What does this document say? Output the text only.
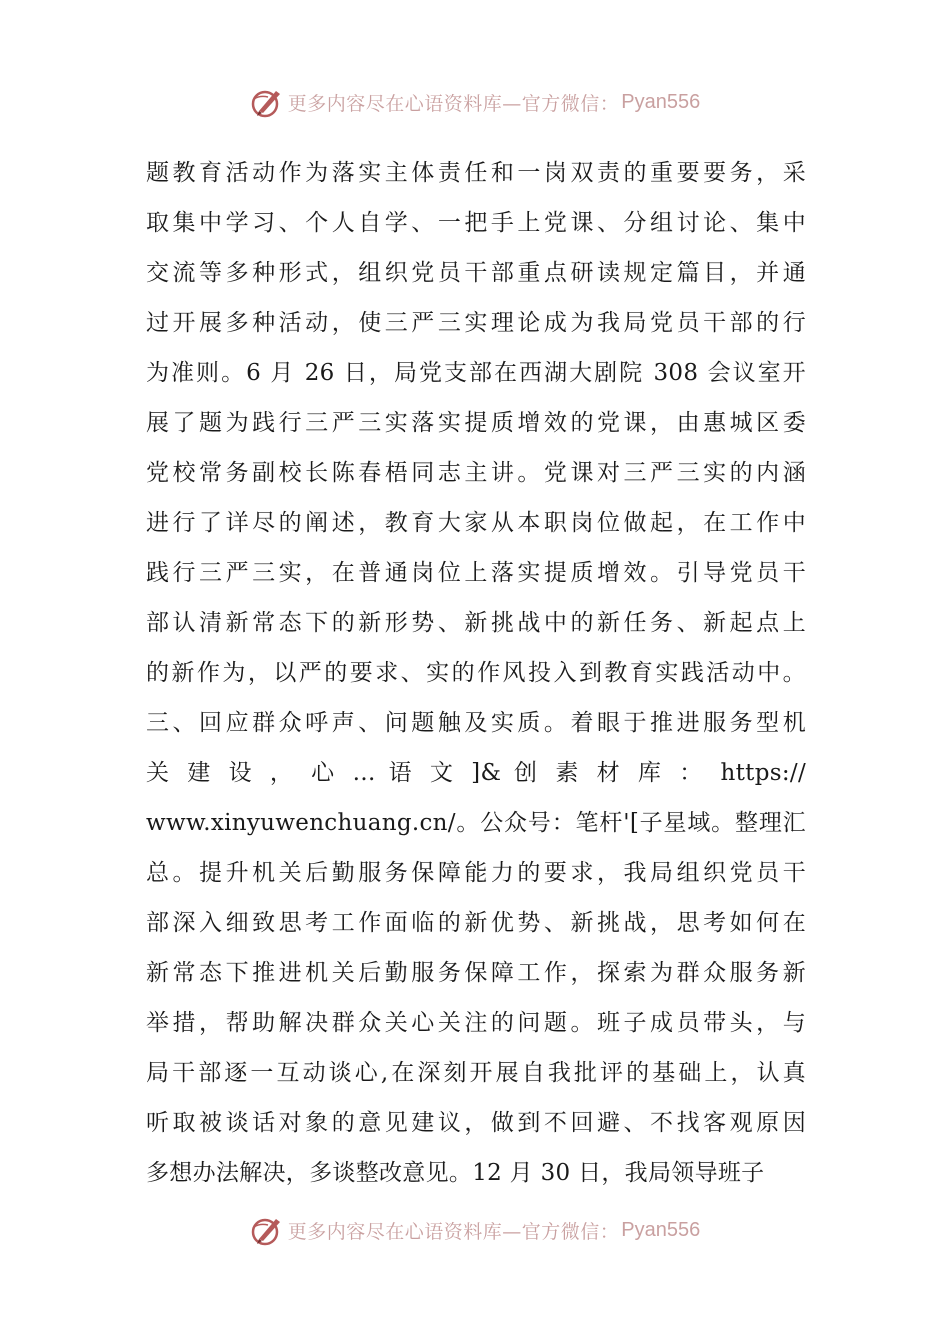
更多内容尽在心语资料库—官方微信： Pyan556
题教育活动作为落实主体责任和一岗双责的重要要务，采
取集中学习、个人自学、一把手上党课、分组讨论、集中
交流等多种形式，组织党员干部重点研读规定篇目，并通
过开展多种活动，使三严三实理论成为我局党员干部的行
为准则。6 月 26 日，局党支部在西湖大剧院 308 会议室开
展了题为践行三严三实落实提质增效的党课，由惠城区委
党校常务副校长陈春梧同志主讲。党课对三严三实的内涵
进行了详尽的阐述，教育大家从本职岗位做起，在工作中
践行三严三实，在普通岗位上落实提质增效。引导党员干
部认清新常态下的新形势、新挑战中的新任务、新起点上
的新作为，以严的要求、实的作风投入到教育实践活动中。
三、回应群众呼声、问题触及实质。着眼于推进服务型机
关 建 设 ， 心 … 语 文 ]& 创 素 材 库 ： https://
www.xinyuwenchuang.cn/。公众号：笔杆'[子星域。整理汇
总。提升机关后勤服务保障能力的要求，我局组织党员干
部深入细致思考工作面临的新优势、新挑战，思考如何在
新常态下推进机关后勤服务保障工作，探索为群众服务新
举措，帮助解决群众关心关注的问题。班子成员带头，与
局干部逐一互动谈心,在深刻开展自我批评的基础上，认真
听取被谈话对象的意见建议，做到不回避、不找客观原因
多想办法解决，多谈整改意见。12 月 30 日，我局领导班子
更多内容尽在心语资料库—官方微信： Pyan556
